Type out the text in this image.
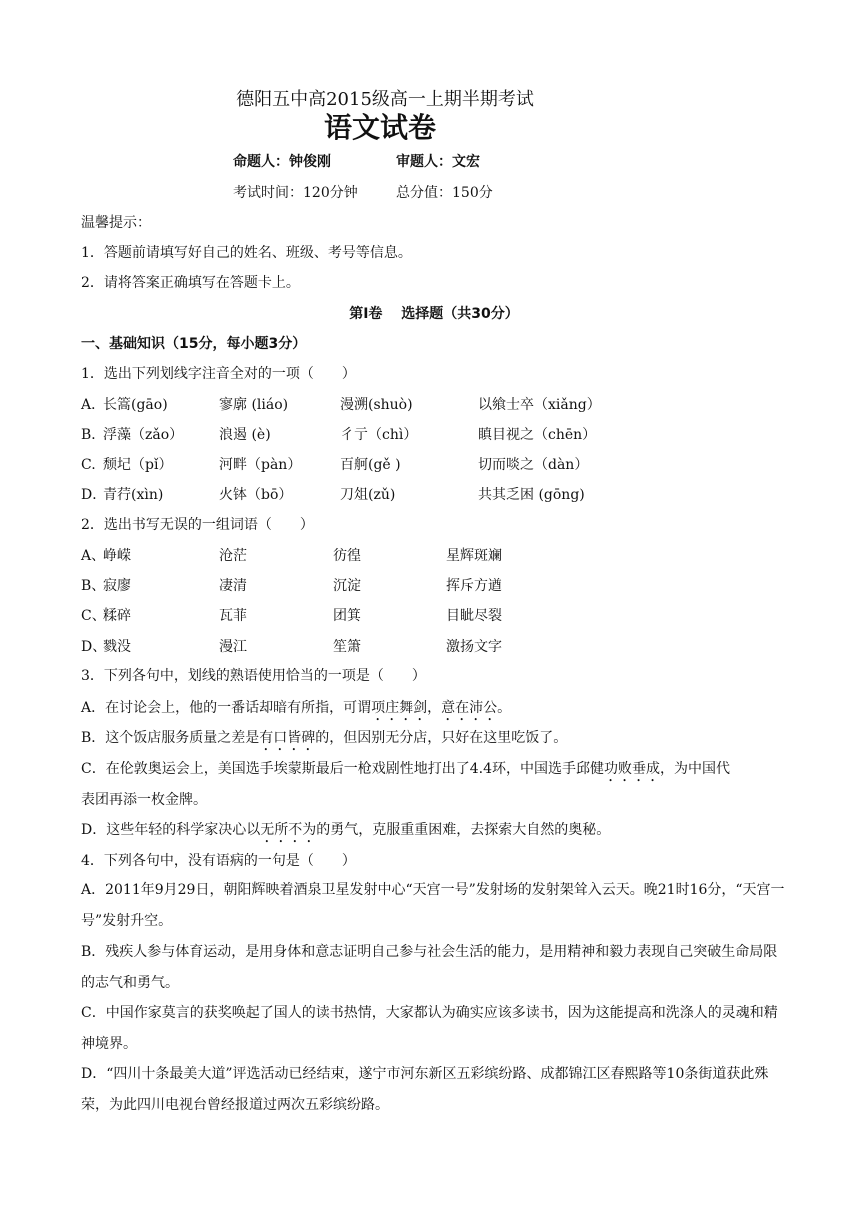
德阳五中高2015级高一上期半期考试
语文试卷
命题人：钟俊刚	审题人：文宏
考试时间：120分钟	总分值：150分
温馨提示：
1．答题前请填写好自己的姓名、班级、考号等信息。
2．请将答案正确填写在答题卡上。
第Ⅰ卷　 选择题（共30分）
一、基础知识（15分，每小题3分）
1．选出下列划线字注音全对的一项（　　）
A．
长篙(gāo)	寥廓 (liáo)	漫溯(shuò)	以飨士卒（xiǎng）
B．
浮藻（zǎo）	浪遏 (è)	彳亍（chì）	瞋目视之（chēn）
C. 颓圮（pǐ）	河畔（pàn）	百舸(gě )	切而啖之（dàn）
D．
青荇(xìn)	火钵（bō）	刀俎(zǔ)	共其乏困 (gōng)
2．选出书写无误的一组词语（　　）
A、
峥嵘	沧茫	彷徨	星辉斑斓
B、
寂廖	凄清	沉淀	挥斥方遒
C、
糅碎	瓦菲	团箕	目眦尽裂
D、
戮没	漫江	笙箫	激扬文字
3．下列各句中，划线的熟语使用恰当的一项是（　　）
A．在讨论会上，他的一番话却暗有所指，可谓项庄舞剑，意在沛公。
B．这个饭店服务质量之差是有口皆碑的，但因别无分店，只好在这里吃饭了。
C．在伦敦奥运会上，美国选手埃蒙斯最后一枪戏剧性地打出了4.4环，中国选手邱健功败垂成，为中国代
表团再添一枚金牌。
D．这些年轻的科学家决心以无所不为的勇气，克服重重困难，去探索大自然的奥秘。
4．下列各句中，没有语病的一句是（　　）
A．2011年9月29日，朝阳辉映着酒泉卫星发射中心“天宫一号”发射场的发射架耸入云天。晚21时16分，“天宫一号”发射升空。
B．残疾人参与体育运动，是用身体和意志证明自己参与社会生活的能力，是用精神和毅力表现自己突破生命局限的志气和勇气。
C．中国作家莫言的获奖唤起了国人的读书热情，大家都认为确实应该多读书，因为这能提高和洗涤人的灵魂和精神境界。
D．“四川十条最美大道”评选活动已经结束，遂宁市河东新区五彩缤纷路、成都锦江区春熙路等10条街道获此殊荣，为此四川电视台曾经报道过两次五彩缤纷路。
